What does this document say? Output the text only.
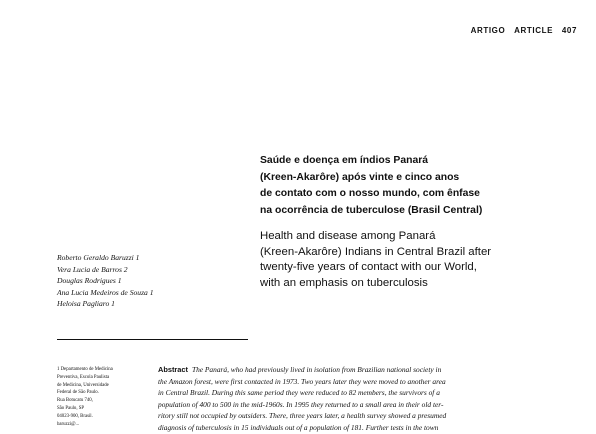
ARTIGO ARTICLE 407
Saúde e doença em índios Panará
(Kreen-Akarôre) após vinte e cinco anos
de contato com o nosso mundo, com ênfase
na ocorrência de tuberculose (Brasil Central)
Health and disease among Panará
(Kreen-Akarôre) Indians in Central Brazil after
twenty-five years of contact with our World,
with an emphasis on tuberculosis
Roberto Geraldo Baruzzi 1
Vera Lucia de Barros 2
Douglas Rodrigues 1
Ana Lucia Medeiros de Souza 1
Heloisa Pagliaro 1
1 Departamento de Medicina
Preventiva, Escola Paulista
de Medicina, Universidade
Federal de São Paulo.
Rua Botucatu 740,
São Paulo, SP
04023-900, Brasil.
baruzzi@...
Abstract The Panará, who had previously lived in isolation from Brazilian national society in
the Amazon forest, were first contacted in 1973. Two years later they were moved to another area
in Central Brazil. During this same period they were reduced to 82 members, the survivors of a
population of 400 to 500 in the mid-1960s. In 1995 they returned to a small area in their old ter-
ritory still not occupied by outsiders. There, three years later, a health survey showed a presumed
diagnosis of tuberculosis in 15 individuals out of a population of 181. Further tests in the town
